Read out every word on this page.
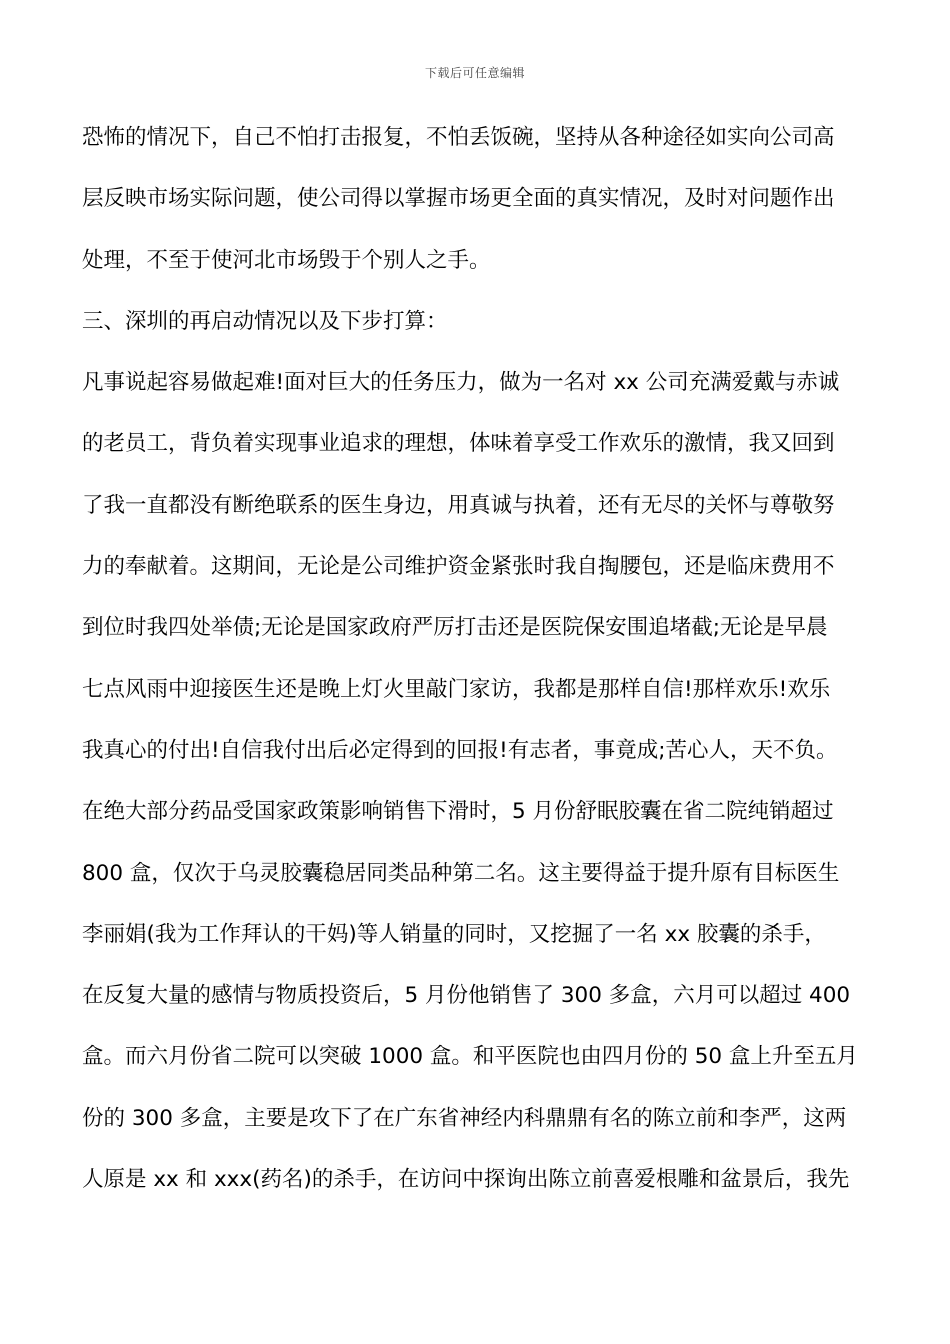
下载后可任意编辑
恐怖的情况下，自己不怕打击报复，不怕丢饭碗，坚持从各种途径如实向公司高
层反映市场实际问题，使公司得以掌握市场更全面的真实情况，及时对问题作出
处理，不至于使河北市场毁于个别人之手。
三、深圳的再启动情况以及下步打算：
凡事说起容易做起难!面对巨大的任务压力，做为一名对 xx 公司充满爱戴与赤诚
的老员工，背负着实现事业追求的理想，体味着享受工作欢乐的激情，我又回到
了我一直都没有断绝联系的医生身边，用真诚与执着，还有无尽的关怀与尊敬努
力的奉献着。这期间，无论是公司维护资金紧张时我自掏腰包，还是临床费用不
到位时我四处举债;无论是国家政府严厉打击还是医院保安围追堵截;无论是早晨
七点风雨中迎接医生还是晚上灯火里敲门家访，我都是那样自信!那样欢乐!欢乐
我真心的付出!自信我付出后必定得到的回报!有志者，事竟成;苦心人，天不负。
在绝大部分药品受国家政策影响销售下滑时，5 月份舒眠胶囊在省二院纯销超过
800 盒，仅次于乌灵胶囊稳居同类品种第二名。这主要得益于提升原有目标医生
李丽娟(我为工作拜认的干妈)等人销量的同时，又挖掘了一名 xx 胶囊的杀手，
在反复大量的感情与物质投资后，5 月份他销售了 300 多盒，六月可以超过 400
盒。而六月份省二院可以突破 1000 盒。和平医院也由四月份的 50 盒上升至五月
份的 300 多盒，主要是攻下了在广东省神经内科鼎鼎有名的陈立前和李严，这两
人原是 xx 和 xxx(药名)的杀手，在访问中探询出陈立前喜爱根雕和盆景后，我先
